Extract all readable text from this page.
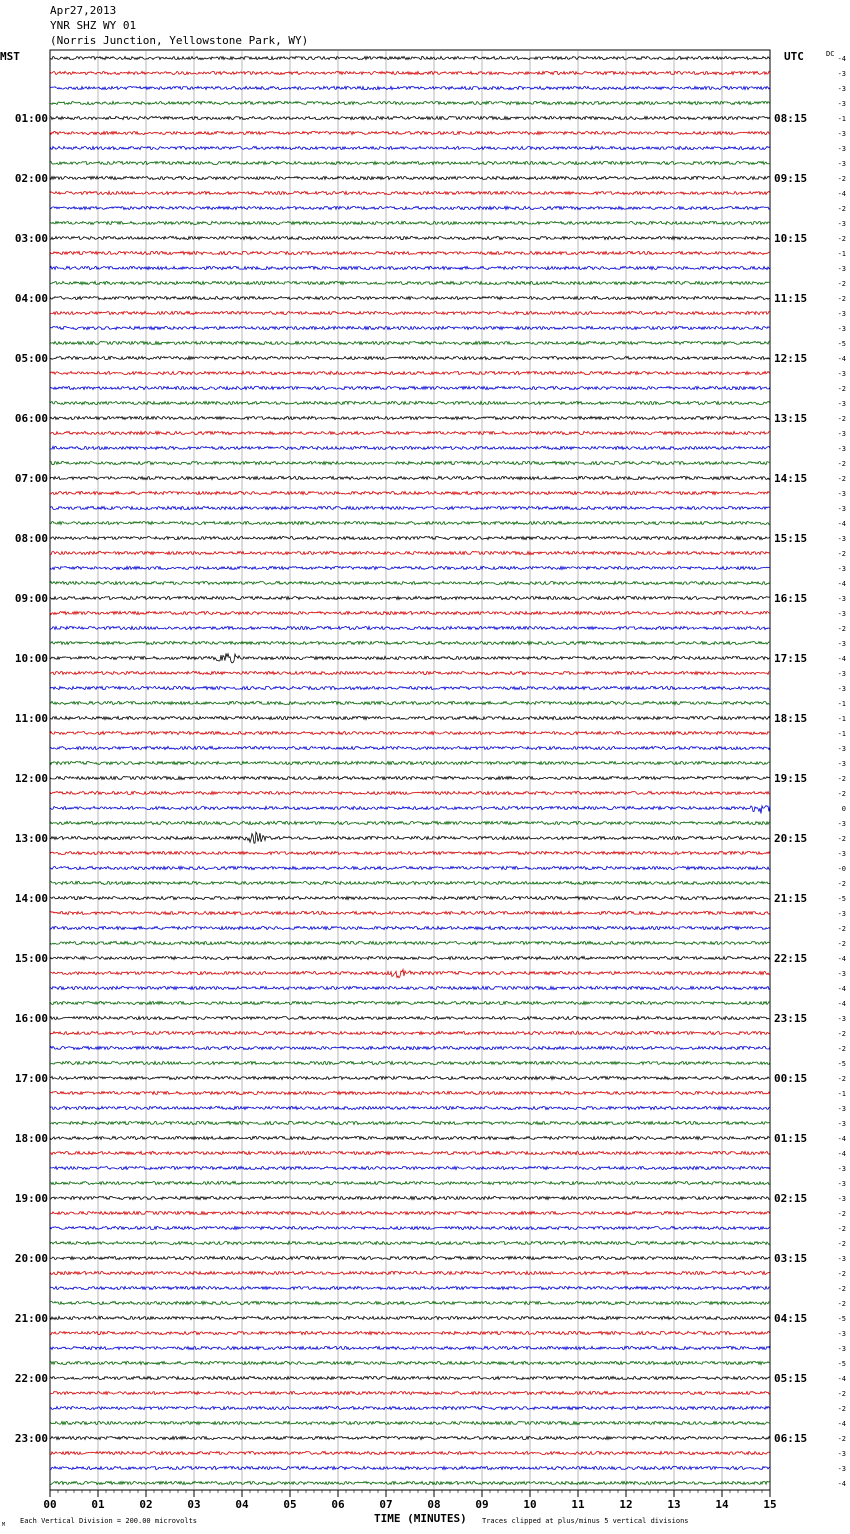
Apr27,2013
YNR SHZ WY 01
(Norris Junction, Yellowstone Park, WY)
00	01	02	03	04	05	06	07	08	09	10	11	12	13	14	15
-4
-3
-3
-3
-1
-3
-3
-3
-2
-4
-2
-3
-2
-1
-3
-2
-2
-3
-3
-5
-4
-3
-2
-3
-2
-3
-3
-2
-2
-3
-3
-4
-3
-2
-3
-4
-3
-3
-2
-3
-4
-3
-3
-1
-1
-1
-3
-3
-2
-2
0
-3
-2
-3
-0
-2
-5
-3
-2
-2
-4
-3
-4
-4
-3
-2
-2
-5
-2
-1
-3
-3
-4
-4
-3
-3
-3
-2
-2
-2
-3
-2
-2
-2
-5
-3
-3
-5
-4
-2
-2
-4
-2
-3
-3
-4
01:00
02:00
03:00
04:00
05:00
06:00
07:00
08:00
09:00
10:00
11:00
12:00
13:00
14:00
15:00
16:00
17:00
18:00
19:00
20:00
21:00
22:00
23:00
08:15
09:15
10:15
11:15
12:15
13:15
14:15
15:15
16:15
17:15
18:15
19:15
20:15
21:15
22:15
23:15
00:15
01:15
02:15
03:15
04:15
05:15
06:15
MST	UTC	DC
TIME (MINUTES)
Each Vertical Division = 200.00 microvolts	Traces clipped at plus/minus 5 vertical divisions
M
